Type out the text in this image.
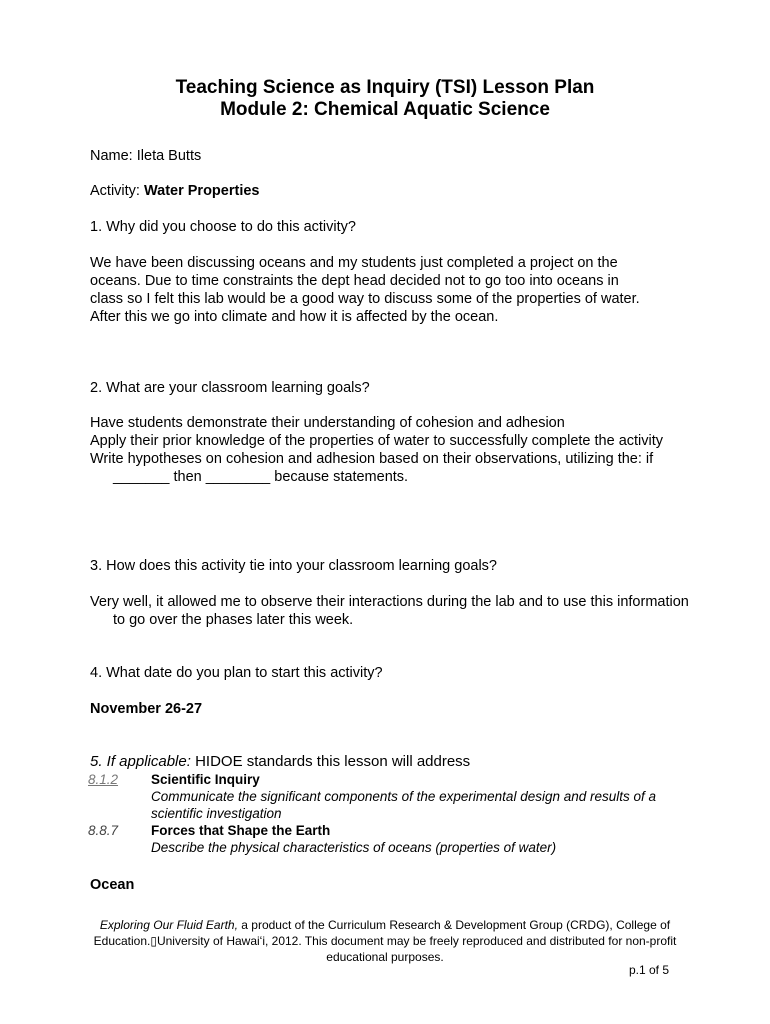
Teaching Science as Inquiry (TSI) Lesson Plan
Module 2: Chemical Aquatic Science
Name: Ileta Butts
Activity: Water Properties
1. Why did you choose to do this activity?
We have been discussing oceans and my students just completed a project on the oceans. Due to time constraints the dept head decided not to go too into oceans in class so I felt this lab would be a good way to discuss some of the properties of water. After this we go into climate and how it is affected by the ocean.
2. What are your classroom learning goals?
Have students demonstrate their understanding of cohesion and adhesion
Apply their prior knowledge of the properties of water to successfully complete the activity
Write hypotheses on cohesion and adhesion based on their observations, utilizing the: if _______ then ________ because statements.
3. How does this activity tie into your classroom learning goals?
Very well, it allowed me to observe their interactions during the lab and to use this information to go over the phases later this week.
4. What date do you plan to start this activity?
November 26-27
5. If applicable: HIDOE standards this lesson will address
8.1.2 Scientific Inquiry
Communicate the significant components of the experimental design and results of a scientific investigation
8.8.7 Forces that Shape the Earth
Describe the physical characteristics of oceans (properties of water)
Ocean
Exploring Our Fluid Earth, a product of the Curriculum Research & Development Group (CRDG), College of Education.▯University of Hawaiʻi, 2012. This document may be freely reproduced and distributed for non-profit educational purposes.
p.1 of 5
